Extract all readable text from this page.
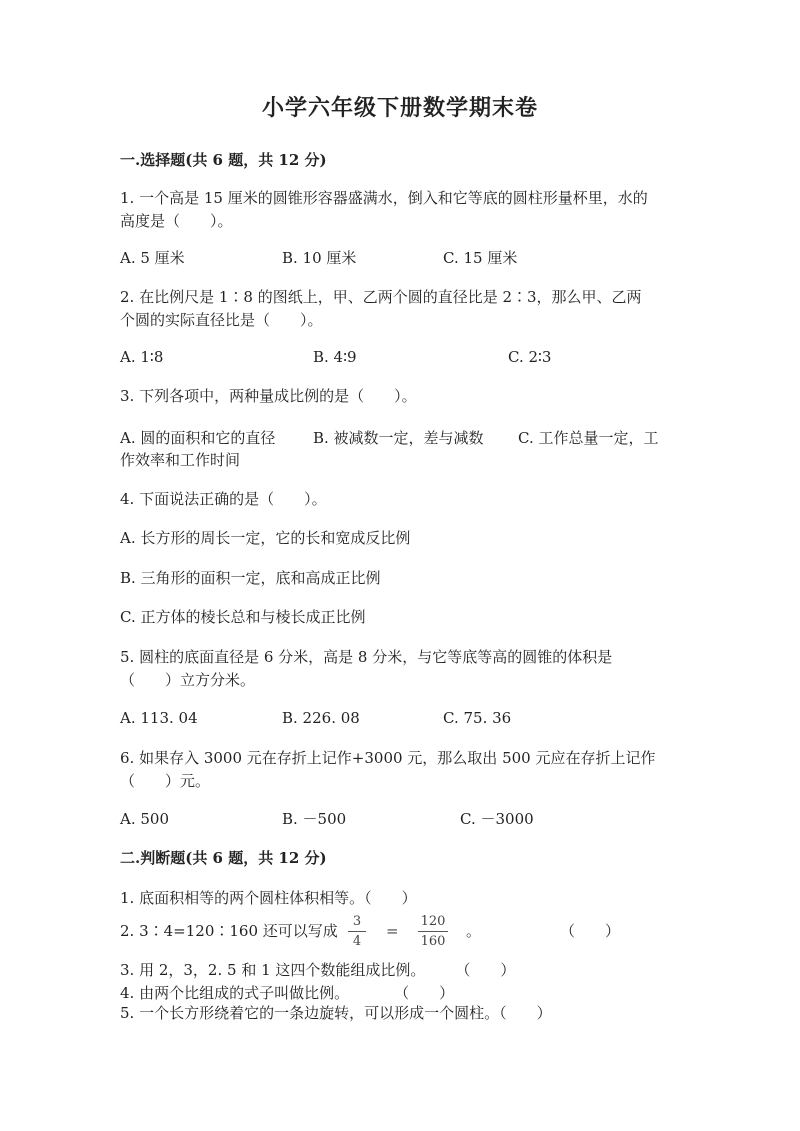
小学六年级下册数学期末卷
一.选择题(共 6 题，共 12 分)
1. 一个高是 15 厘米的圆锥形容器盛满水，倒入和它等底的圆柱形量杯里，水的
高度是（　　）。
A. 5 厘米	B. 10 厘米	C. 15 厘米
2. 在比例尺是 1∶8 的图纸上，甲、乙两个圆的直径比是 2∶3，那么甲、乙两
个圆的实际直径比是（　　）。
A. 1∶8	B. 4∶9	C. 2∶3
3. 下列各项中，两种量成比例的是（　　）。
A. 圆的面积和它的直径	B. 被减数一定，差与减数 C. 工作总量一定，工
作效率和工作时间
4. 下面说法正确的是（　　）。
A. 长方形的周长一定，它的长和宽成反比例
B. 三角形的面积一定，底和高成正比例
C. 正方体的棱长总和与棱长成正比例
5. 圆柱的底面直径是 6 分米，高是 8 分米，与它等底等高的圆锥的体积是
（　　）立方分米。
A. 113. 04	B. 226. 08	C. 75. 36
6. 如果存入 3000 元在存折上记作+3000 元，那么取出 500 元应在存折上记作
（　　）元。
A. 500	B. －500	C. －3000
二.判断题(共 6 题，共 12 分)
1. 底面积相等的两个圆柱体积相等。（　　）
2. 3∶4=120∶160 还可以写成
3
4
=
120
160
。	（　　）
3. 用 2，3，2. 5 和 1 这四个数能组成比例。　　　（　　）
4. 由两个比组成的式子叫做比例。　　　　（　　）
5. 一个长方形绕着它的一条边旋转，可以形成一个圆柱。（　　）
